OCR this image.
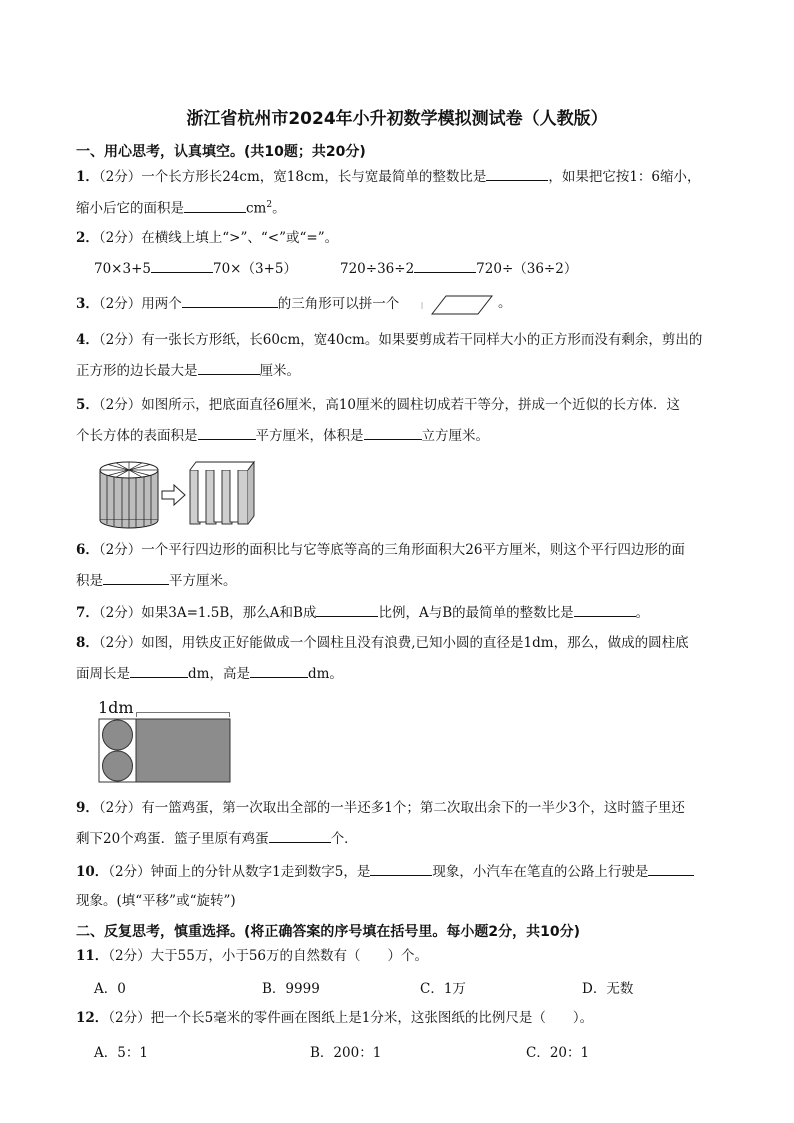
浙江省杭州市2024年小升初数学模拟测试卷（人教版）
一、用心思考，认真填空。(共10题；共20分)
1．（2分）一个长方形长24cm，宽18cm，长与宽最简单的整数比是	，如果把它按1：6缩小，
缩小后它的面积是	$cm^2$。
2．（2分）在横线上填上“>”、“<”或“=”。
70×3+5	70×（3+5）	720÷36÷2	720÷（36÷2）
3．（2分）用两个	的三角形可以拼一个	。
4．（2分）有一张长方形纸，长60cm，宽40cm。如果要剪成若干同样大小的正方形而没有剩余，剪出的
正方形的边长最大是	厘米。
5．（2分）如图所示，把底面直径6厘米，高10厘米的圆柱切成若干等分，拼成一个近似的长方体．这
个长方体的表面积是	平方厘米，体积是	立方厘米。
6．（2分）一个平行四边形的面积比与它等底等高的三角形面积大26平方厘米，则这个平行四边形的面
积是	平方厘米。
7．（2分）如果3A=1.5B，那么A和B成	比例，A与B的最简单的整数比是	。
8．（2分）如图，用铁皮正好能做成一个圆柱且没有浪费,已知小圆的直径是1dm，那么，做成的圆柱底
面周长是	dm，高是	dm。
1dm
9．（2分）有一篮鸡蛋，第一次取出全部的一半还多1个；第二次取出余下的一半少3个，这时篮子里还
剩下20个鸡蛋．篮子里原有鸡蛋	个．
10．（2分）钟面上的分针从数字1走到数字5，是	现象，小汽车在笔直的公路上行驶是
现象。(填“平移”或“旋转”)
二、反复思考，慎重选择。(将正确答案的序号填在括号里。每小题2分，共10分)
11．（2分）大于55万，小于56万的自然数有（　　）个。
A．0	B．9999	C．1万	D．无数
12．（2分）把一个长5毫米的零件画在图纸上是1分米，这张图纸的比例尺是（　　）。
A．5：1	B．200：1	C．20：1
